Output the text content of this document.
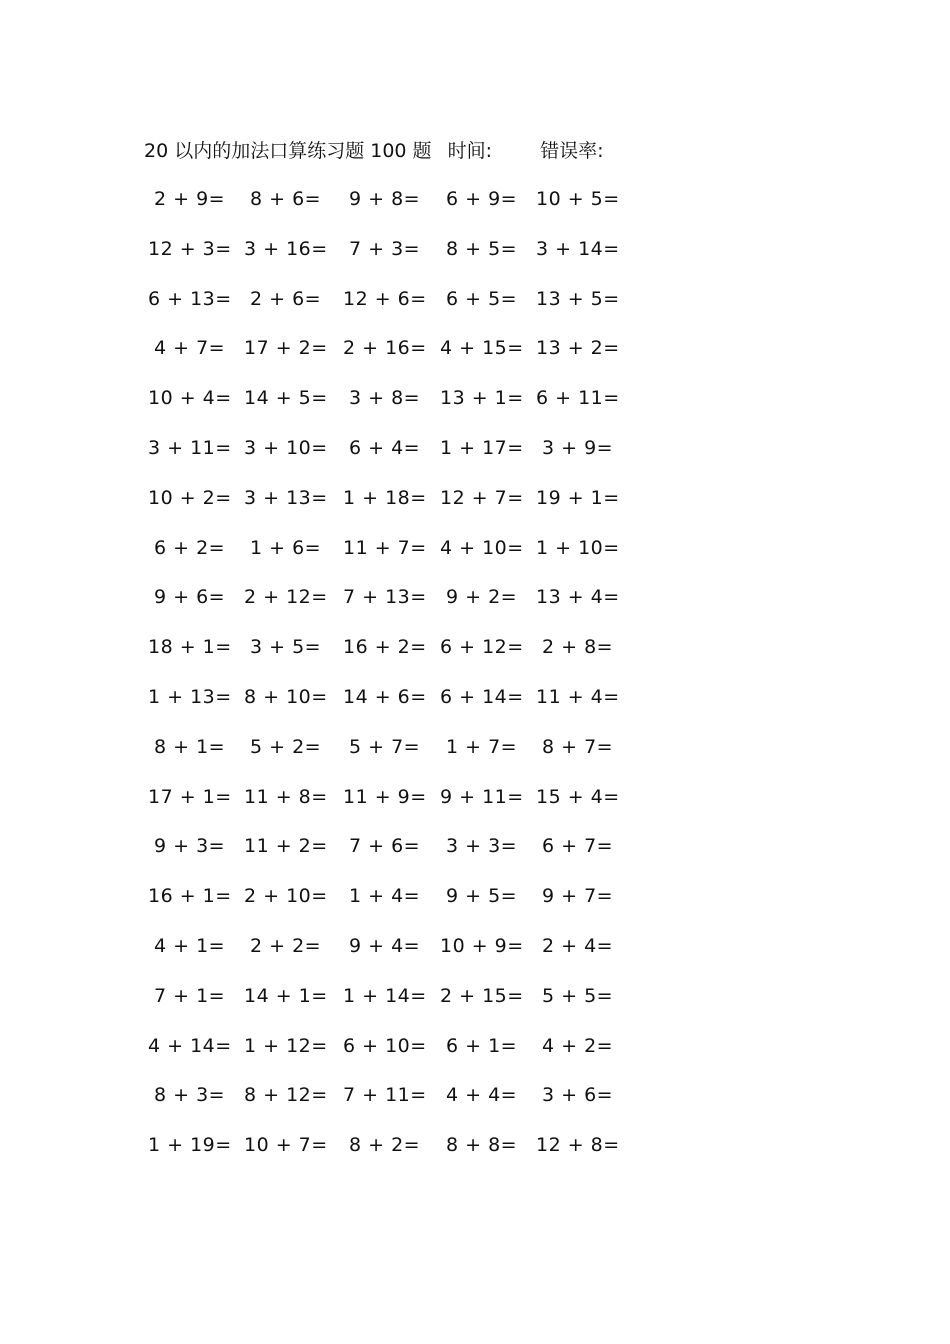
20 以内的加法口算练习题 100 题 时间:	错误率:
2 + 9= 8 + 6= 9 + 8= 6 + 9= 10 + 5=
12 + 3= 3 + 16= 7 + 3= 8 + 5= 3 + 14=
6 + 13= 2 + 6= 12 + 6= 6 + 5= 13 + 5=
4 + 7= 17 + 2= 2 + 16= 4 + 15= 13 + 2=
10 + 4= 14 + 5= 3 + 8= 13 + 1= 6 + 11=
3 + 11= 3 + 10= 6 + 4= 1 + 17= 3 + 9=
10 + 2= 3 + 13= 1 + 18= 12 + 7= 19 + 1=
6 + 2= 1 + 6= 11 + 7= 4 + 10= 1 + 10=
9 + 6= 2 + 12= 7 + 13= 9 + 2= 13 + 4=
18 + 1= 3 + 5= 16 + 2= 6 + 12= 2 + 8=
1 + 13= 8 + 10= 14 + 6= 6 + 14= 11 + 4=
8 + 1= 5 + 2= 5 + 7= 1 + 7= 8 + 7=
17 + 1= 11 + 8= 11 + 9= 9 + 11= 15 + 4=
9 + 3= 11 + 2= 7 + 6= 3 + 3= 6 + 7=
16 + 1= 2 + 10= 1 + 4= 9 + 5= 9 + 7=
4 + 1= 2 + 2= 9 + 4= 10 + 9= 2 + 4=
7 + 1= 14 + 1= 1 + 14= 2 + 15= 5 + 5=
4 + 14= 1 + 12= 6 + 10= 6 + 1= 4 + 2=
8 + 3= 8 + 12= 7 + 11= 4 + 4= 3 + 6=
1 + 19= 10 + 7= 8 + 2= 8 + 8= 12 + 8=
